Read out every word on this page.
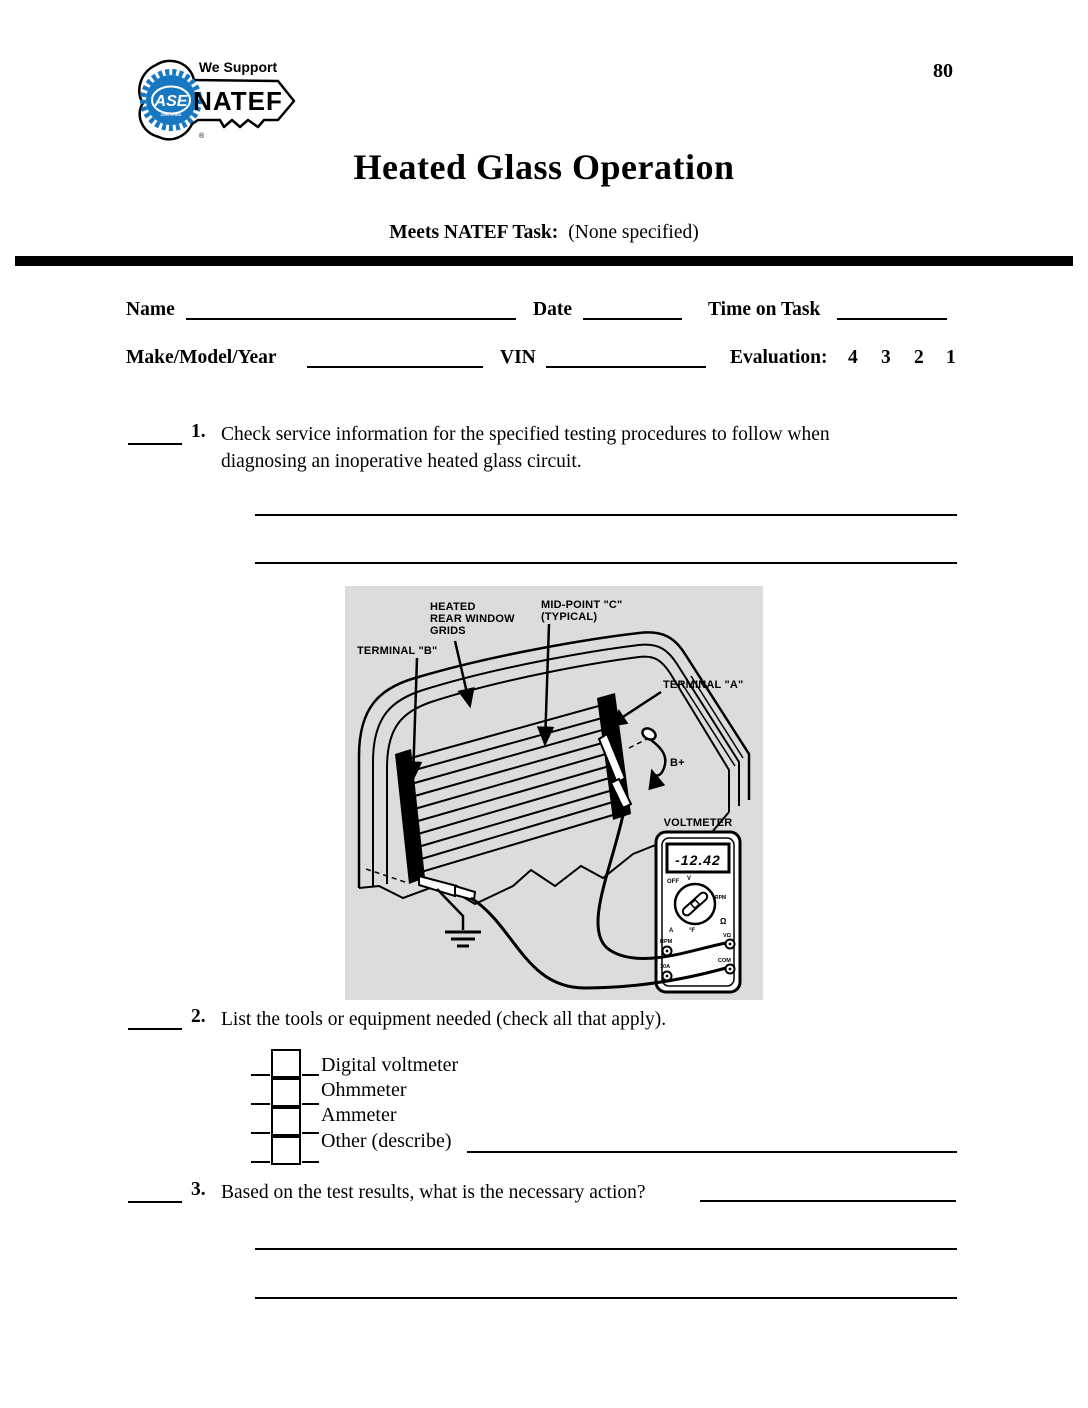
ASE
CERTIFIED
We Support
NATEF
®
80
Heated Glass Operation
Meets NATEF Task: (None specified)
Name	Date	Time on Task
Make/Model/Year	VIN	Evaluation: 4 3 2 1
1. Check service information for the specified testing procedures to follow when diagnosing an inoperative heated glass circuit.
-12.42
OFF V
RPM
Ω
°F
A
RPM
10A
VΩ
COM
HEATED
REAR WINDOW
GRIDS
MID-POINT "C"
(TYPICAL)
TERMINAL "B"
TERMINAL "A"
B+
VOLTMETER
2. List the tools or equipment needed (check all that apply).
Digital voltmeter
Ohmmeter
Ammeter
Other (describe)
3. Based on the test results, what is the necessary action?
